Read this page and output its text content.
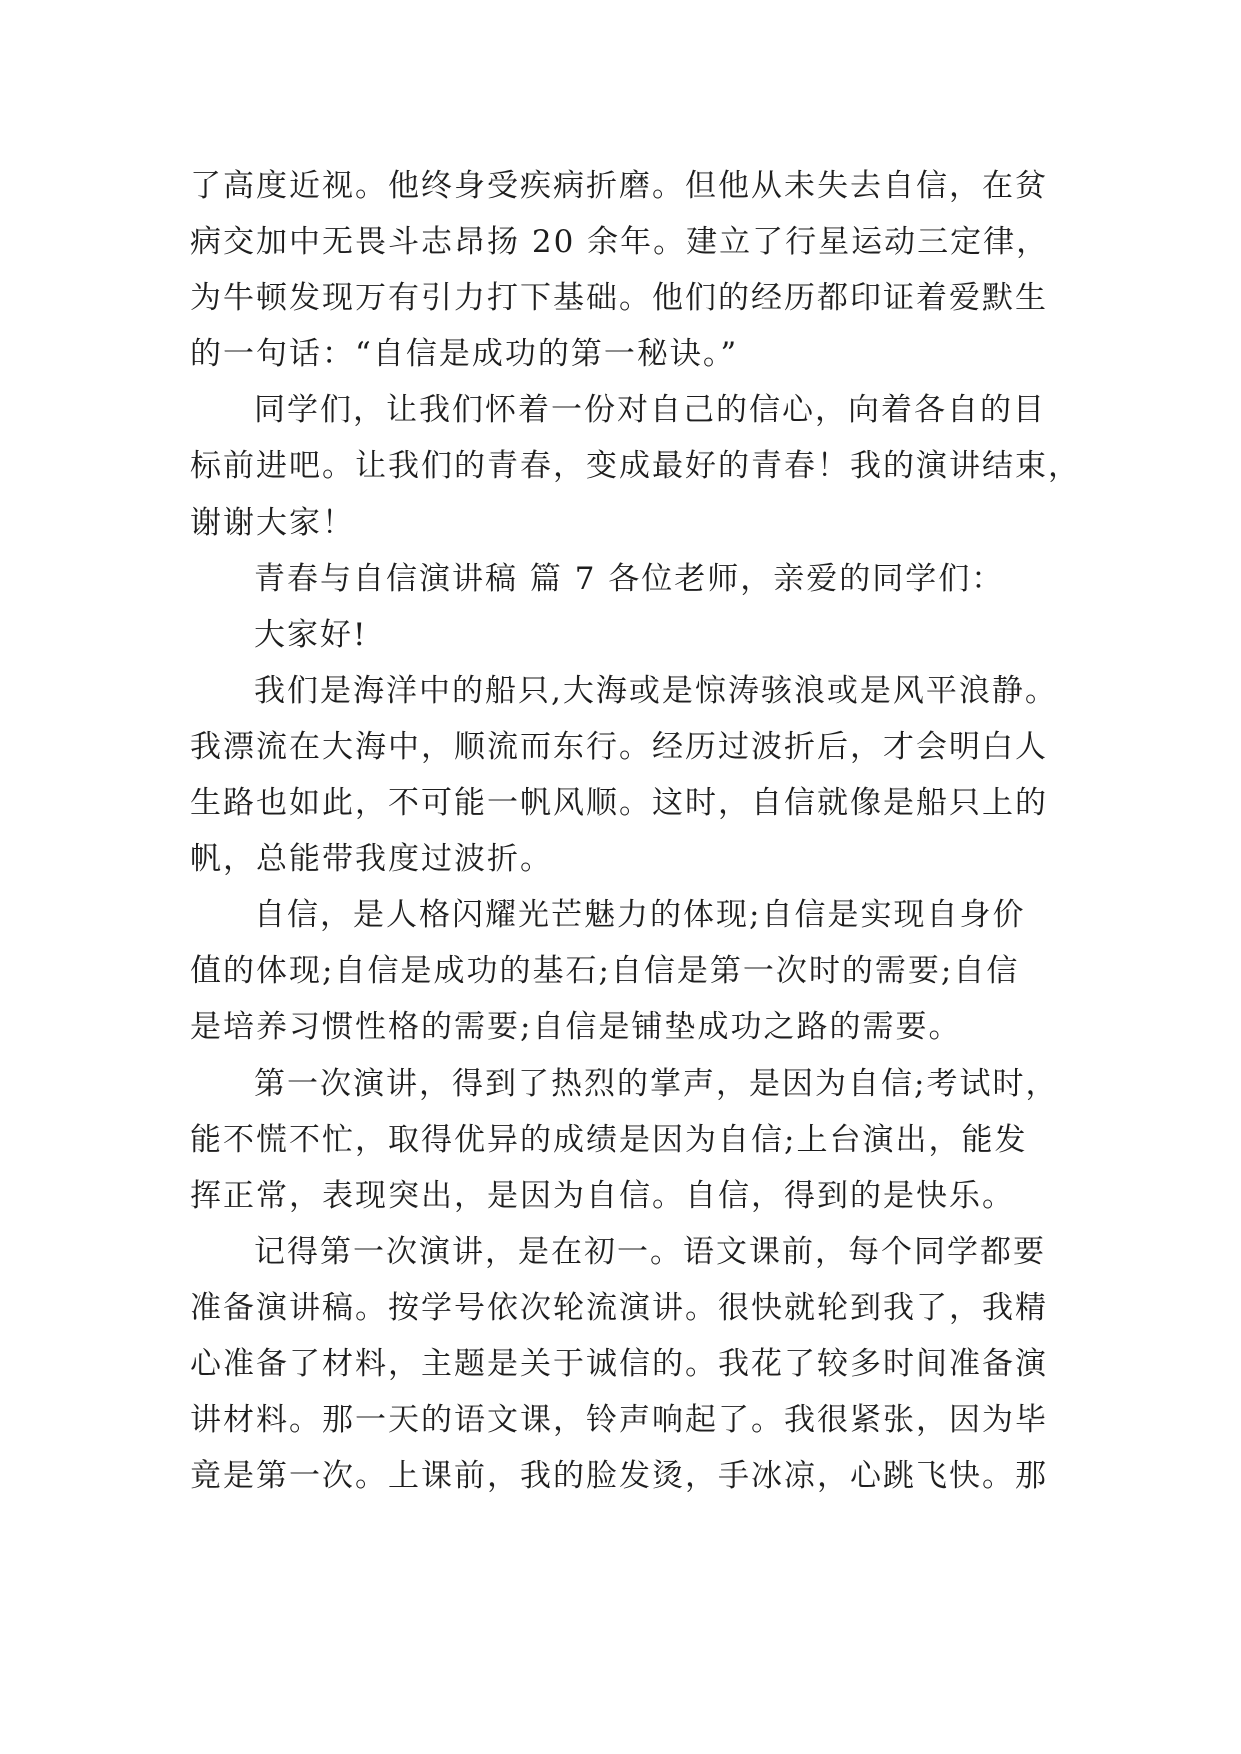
了高度近视。他终身受疾病折磨。但他从未失去自信，在贫
病交加中无畏斗志昂扬 20 余年。建立了行星运动三定律，
为牛顿发现万有引力打下基础。他们的经历都印证着爱默生
的一句话：“自信是成功的第一秘诀。”
同学们，让我们怀着一份对自己的信心，向着各自的目
标前进吧。让我们的青春，变成最好的青春！我的演讲结束，
谢谢大家！
青春与自信演讲稿 篇 7 各位老师，亲爱的同学们：
大家好!
我们是海洋中的船只,大海或是惊涛骇浪或是风平浪静。
我漂流在大海中，顺流而东行。经历过波折后，才会明白人
生路也如此，不可能一帆风顺。这时，自信就像是船只上的
帆，总能带我度过波折。
自信，是人格闪耀光芒魅力的体现;自信是实现自身价
值的体现;自信是成功的基石;自信是第一次时的需要;自信
是培养习惯性格的需要;自信是铺垫成功之路的需要。
第一次演讲，得到了热烈的掌声，是因为自信;考试时，
能不慌不忙，取得优异的成绩是因为自信;上台演出，能发
挥正常，表现突出，是因为自信。自信，得到的是快乐。
记得第一次演讲，是在初一。语文课前，每个同学都要
准备演讲稿。按学号依次轮流演讲。很快就轮到我了，我精
心准备了材料，主题是关于诚信的。我花了较多时间准备演
讲材料。那一天的语文课，铃声响起了。我很紧张，因为毕
竟是第一次。上课前，我的脸发烫，手冰凉，心跳飞快。那
